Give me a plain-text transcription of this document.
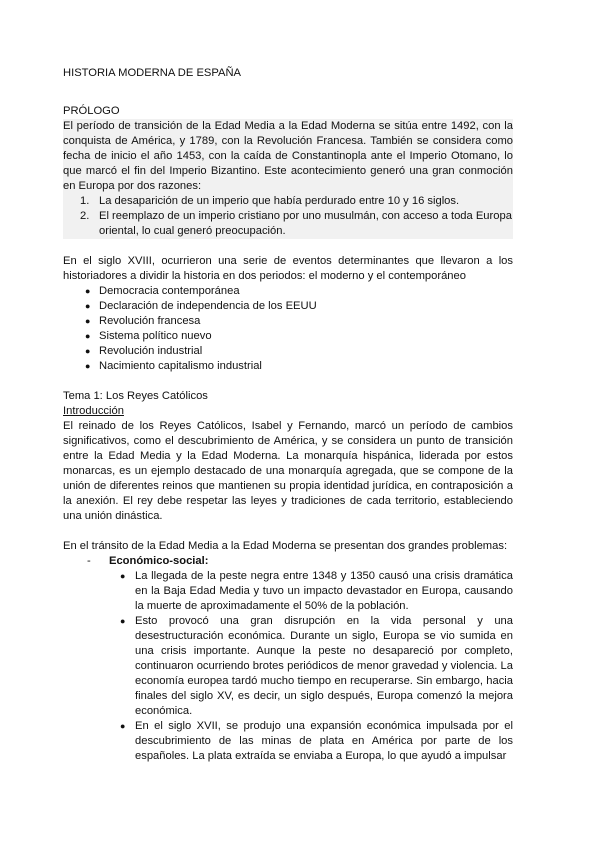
HISTORIA MODERNA DE ESPAÑA

PRÓLOGO

El período de transición de la Edad Media a la Edad Moderna se sitúa entre 1492, con la conquista de América, y 1789, con la Revolución Francesa. También se considera como fecha de inicio el año 1453, con la caída de Constantinopla ante el Imperio Otomano, lo que marcó el fin del Imperio Bizantino. Este acontecimiento generó una gran conmoción en Europa por dos razones:

1. La desaparición de un imperio que había perdurado entre 10 y 16 siglos.
2. El reemplazo de un imperio cristiano por uno musulmán, con acceso a toda Europa oriental, lo cual generó preocupación.

En el siglo XVIII, ocurrieron una serie de eventos determinantes que llevaron a los historiadores a dividir la historia en dos periodos: el moderno y el contemporáneo

● Democracia contemporánea
● Declaración de independencia de los EEUU
● Revolución francesa
● Sistema político nuevo
● Revolución industrial
● Nacimiento capitalismo industrial

Tema 1: Los Reyes Católicos

Introducción

El reinado de los Reyes Católicos, Isabel y Fernando, marcó un período de cambios significativos, como el descubrimiento de América, y se considera un punto de transición entre la Edad Media y la Edad Moderna. La monarquía hispánica, liderada por estos monarcas, es un ejemplo destacado de una monarquía agregada, que se compone de la unión de diferentes reinos que mantienen su propia identidad jurídica, en contraposición a la anexión. El rey debe respetar las leyes y tradiciones de cada territorio, estableciendo una unión dinástica.

En el tránsito de la Edad Media a la Edad Moderna se presentan dos grandes problemas:

- Económico-social:
● La llegada de la peste negra entre 1348 y 1350 causó una crisis dramática en la Baja Edad Media y tuvo un impacto devastador en Europa, causando la muerte de aproximadamente el 50% de la población.
● Esto provocó una gran disrupción en la vida personal y una desestructuración económica. Durante un siglo, Europa se vio sumida en una crisis importante. Aunque la peste no desapareció por completo, continuaron ocurriendo brotes periódicos de menor gravedad y violencia. La economía europea tardó mucho tiempo en recuperarse. Sin embargo, hacia finales del siglo XV, es decir, un siglo después, Europa comenzó la mejora económica.
● En el siglo XVII, se produjo una expansión económica impulsada por el descubrimiento de las minas de plata en América por parte de los españoles. La plata extraída se enviaba a Europa, lo que ayudó a impulsar
